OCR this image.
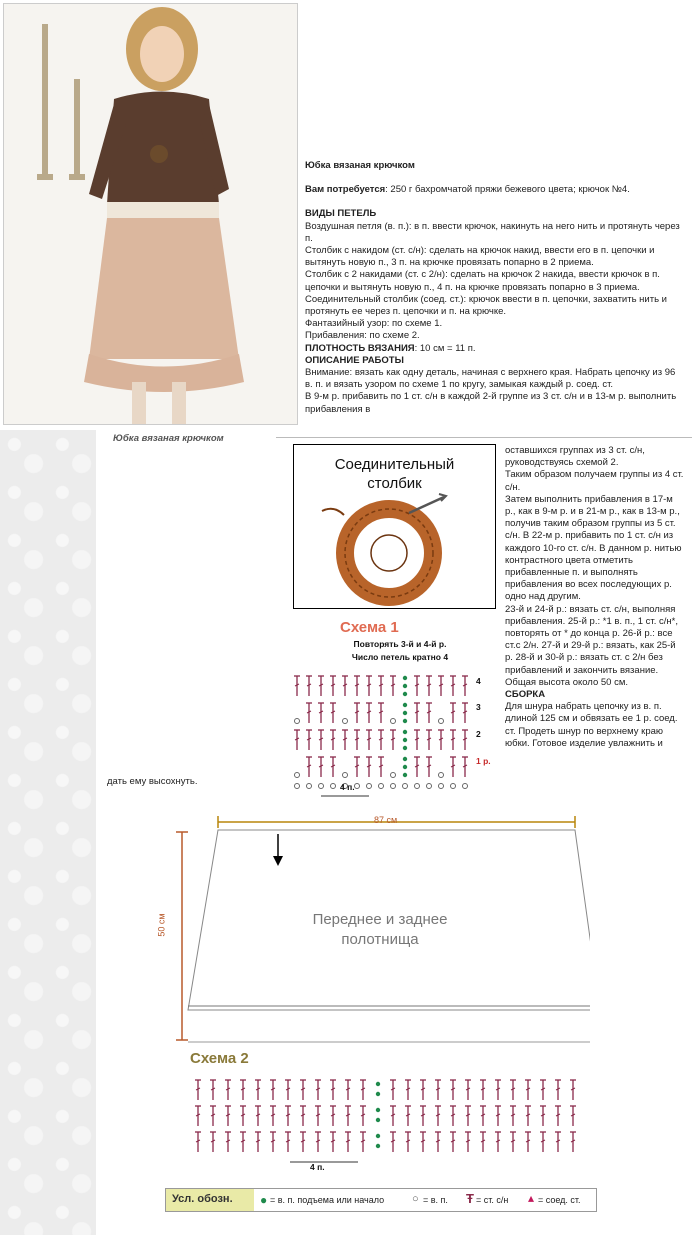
Юбка вязаная крючком

Вам потребуется: 250 г бахромчатой пряжи бежевого цвета; крючок №4.

ВИДЫ ПЕТЕЛЬ

Воздушная петля (в. п.): в п. ввести крючок, накинуть на него нить и протянуть через п.

Столбик с накидом (ст. с/н): сделать на крючок накид, ввести его в п. цепочки и вытянуть новую п., 3 п. на крючке провязать попарно в 2 приема.

Столбик с 2 накидами (ст. с 2/н): сделать на крючок 2 накида, ввести крючок в п. цепочки и вытянуть новую п., 4 п. на крючке провязать попарно в 3 приема.

Соединительный столбик (соед. ст.): крючок ввести в п. цепочки, захватить нить и протянуть ее через п. цепочки и п. на крючке.

Фантазийный узор: по схеме 1.

Прибавления: по схеме 2.

ПЛОТНОСТЬ ВЯЗАНИЯ: 10 см = 11 п.

ОПИСАНИЕ РАБОТЫ

Внимание: вязать как одну деталь, начиная с верхнего края. Набрать цепочку из 96 в. п. и вязать узором по схеме 1 по кругу, замыкая каждый р. соед. ст.

В 9-м р. прибавить по 1 ст. с/н в каждой 2-й группе из 3 ст. с/н и в 13-м р. выполнить прибавления в

Юбка вязаная крючком
Соединительный
столбик

оставшихся группах из 3 ст. с/н, руководствуясь схемой 2.

Таким образом получаем группы из 4 ст. с/н.

Затем выполнить прибавления в 17-м р., как в 9-м р. и в 21-м р., как в 13-м р., получив таким образом группы из 5 ст. с/н. В 22-м р. прибавить по 1 ст. с/н из каждого 10-го ст. с/н. В данном р. нитью контрастного цвета отметить прибавленные п. и выполнять прибавления во всех последующих р. одно над другим.

23-й и 24-й р.: вязать ст. с/н, выполняя прибавления. 25-й р.: *1 в. п., 1 ст. с/н*, повторять от * до конца р. 26-й р.: все ст.с 2/н. 27-й и 29-й р.: вязать, как 25-й р. 28-й и 30-й р.: вязать ст. с 2/н без прибавлений и закончить вязание.

Общая высота около 50 см.

СБОРКА

Для шнура набрать цепочку из в. п. длиной 125 см и обвязать ее 1 р. соед. ст. Продеть шнур по верхнему краю юбки. Готовое изделие увлажнить и

дать ему высохнуть.
Схема 1
Повторять 3-й и 4-й р.
Число петель кратно 4
4
3
2
1 р.
4 п.
87 см
50 см	Переднее и заднее
полотнища
Схема 2
4 п.
Усл. обозн. ● = в. п. подъема или начало	○ = в. п. Ŧ = ст. с/н ▴ = соед. ст.
